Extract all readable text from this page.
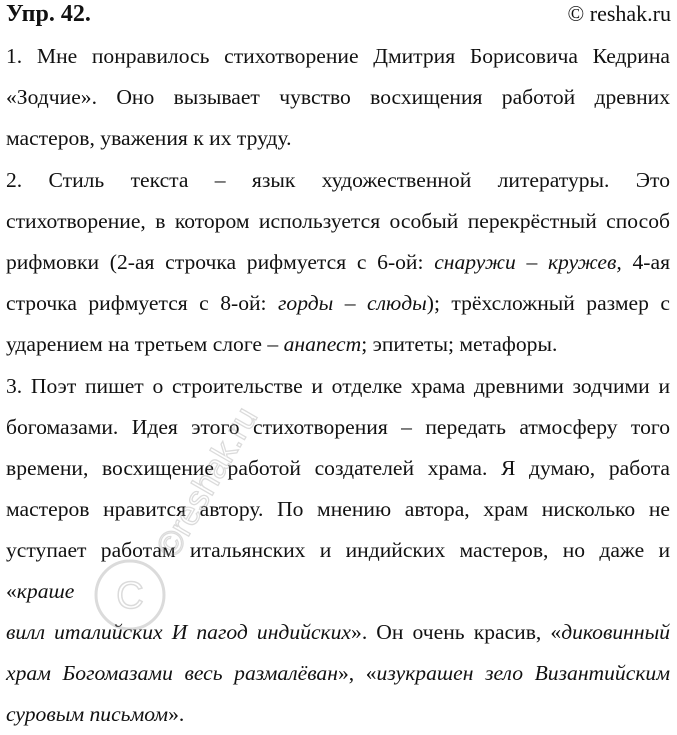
Упр. 42.	© reshak.ru
1. Мне понравилось стихотворение Дмитрия Борисовича Кедрина
«Зодчие». Оно вызывает чувство восхищения работой древних
мастеров, уважения к их труду.
2. Стиль текста – язык художественной литературы. Это
стихотворение, в котором используется особый перекрёстный способ
рифмовки (2-ая строчка рифмуется с 6-ой: снаружи – кружев, 4-ая
строчка рифмуется с 8-ой: горды – слюды); трёхсложный размер с
ударением на третьем слоге – анапест; эпитеты; метафоры.
3. Поэт пишет о строительстве и отделке храма древними зодчими и
богомазами. Идея этого стихотворения – передать атмосферу того
времени, восхищение работой создателей храма. Я думаю, работа
мастеров нравится автору. По мнению автора, храм нисколько не
уступает работам итальянских и индийских мастеров, но даже и «краше
вилл италийских И пагод индийских». Он очень красив, «диковинный
храм Богомазами весь размалёван», «изукрашен зело Византийским
суровым письмом».
C
©reshak.ru
